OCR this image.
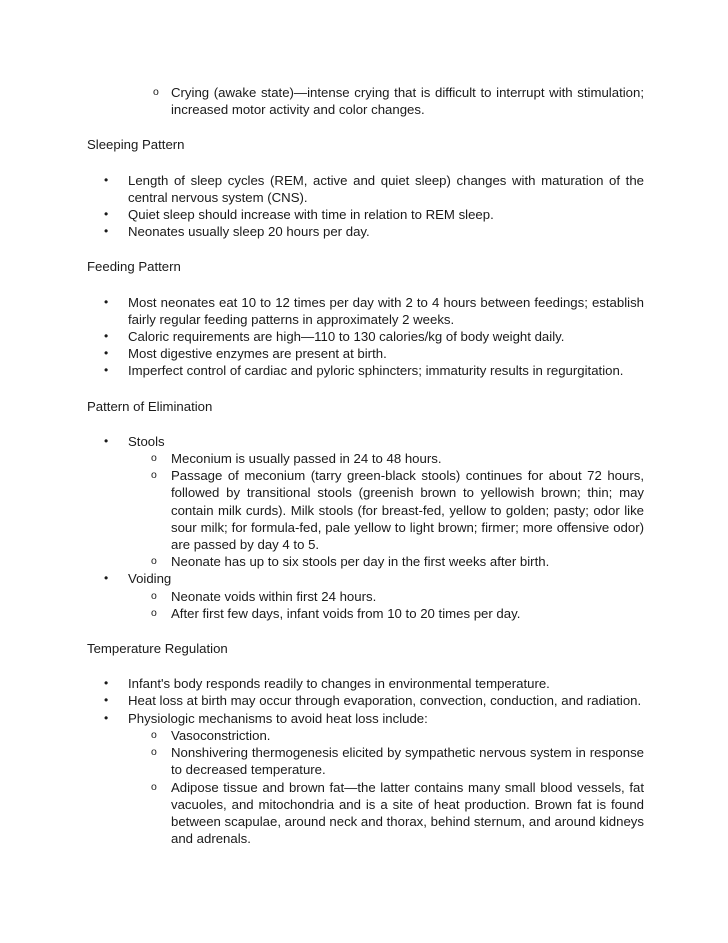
o Crying (awake state)—intense crying that is difficult to interrupt with stimulation; increased motor activity and color changes.
Sleeping Pattern
• Length of sleep cycles (REM, active and quiet sleep) changes with maturation of the central nervous system (CNS).
• Quiet sleep should increase with time in relation to REM sleep.
• Neonates usually sleep 20 hours per day.
Feeding Pattern
• Most neonates eat 10 to 12 times per day with 2 to 4 hours between feedings; establish fairly regular feeding patterns in approximately 2 weeks.
• Caloric requirements are high—110 to 130 calories/kg of body weight daily.
• Most digestive enzymes are present at birth.
• Imperfect control of cardiac and pyloric sphincters; immaturity results in regurgitation.
Pattern of Elimination
• Stools
o Meconium is usually passed in 24 to 48 hours.
o Passage of meconium (tarry green-black stools) continues for about 72 hours, followed by transitional stools (greenish brown to yellowish brown; thin; may contain milk curds). Milk stools (for breast-fed, yellow to golden; pasty; odor like sour milk; for formula-fed, pale yellow to light brown; firmer; more offensive odor) are passed by day 4 to 5.
o Neonate has up to six stools per day in the first weeks after birth.
• Voiding
o Neonate voids within first 24 hours.
o After first few days, infant voids from 10 to 20 times per day.
Temperature Regulation
• Infant's body responds readily to changes in environmental temperature.
• Heat loss at birth may occur through evaporation, convection, conduction, and radiation.
• Physiologic mechanisms to avoid heat loss include:
o Vasoconstriction.
o Nonshivering thermogenesis elicited by sympathetic nervous system in response to decreased temperature.
o Adipose tissue and brown fat—the latter contains many small blood vessels, fat vacuoles, and mitochondria and is a site of heat production. Brown fat is found between scapulae, around neck and thorax, behind sternum, and around kidneys and adrenals.
